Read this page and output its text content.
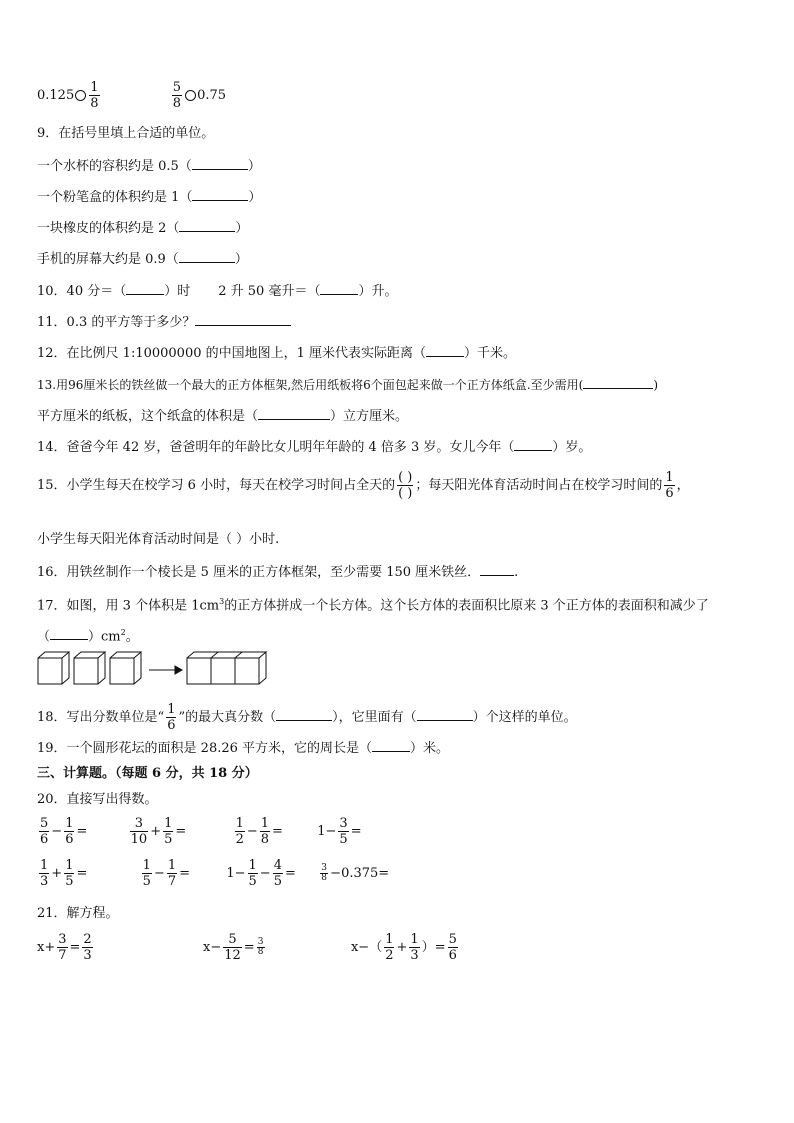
$0.125 \frac{1}{8}$
	$\frac{5}{8} 0.75$
9．在括号里填上合适的单位。
一个水杯的容积约是 0.5（	）
一个粉笔盒的体积约是 1（	）
一块橡皮的体积约是 2（	）
手机的屏幕大约是 0.9（	）
10．40 分＝（	）时 2 升 50 毫升＝（	）升。
11．0.3 的平方等于多少？
12．在比例尺 1:10000000 的中国地图上，1 厘米代表实际距离（	）千米。
13.用96厘米长的铁丝做一个最大的正方体框架,然后用纸板将6个面包起来做一个正方体纸盒.至少需用(	)
平方厘米的纸板，这个纸盒的体积是（	）立方厘米。
14．爸爸今年 42 岁，爸爸明年的年龄比女儿明年年龄的 4 倍多 3 岁。女儿今年（	）岁。
15．小学生每天在校学习 6 小时，每天在校学习时间占全天的 $\frac{( )}{( )}$ ；每天阳光体育活动时间占在校学习时间的 $\frac{1}{6}$ ，
小学生每天阳光体育活动时间是（ ）小时.
16．用铁丝制作一个棱长是 5 厘米的正方体框架，至少需要 150 厘米铁丝．	.
17．如图，用 3 个体积是 $1cm^3$的正方体拼成一个长方体。这个长方体的表面积比原来 3 个正方体的表面积和减少了
（	）$cm^2$。
18．写出分数单位是“ $\frac{1}{6}$ ”的最大真分数（	），它里面有（	）个这样的单位。
19．一个圆形花坛的面积是 28.26 平方米，它的周长是（	）米。
三、计算题。（每题 6 分，共 18 分）
20．直接写出得数。
$\frac{5}{6} - \frac{1}{6}$ =	$\frac{3}{10} + \frac{1}{5}$ =	$\frac{1}{2} - \frac{1}{8}$ =	$1- \frac{3}{5}$ =
$\frac{1}{3} + \frac{1}{5}$ =	$\frac{1}{5} - \frac{1}{7}$ =	$1- \frac{1}{5} - \frac{4}{5}$ =	$\frac{3}{8} -0.375=$
21．解方程。
$x+ \frac{3}{7} = \frac{2}{3}$	$x- \frac{5}{12} = \frac{3}{8}$	$x-( \frac{1}{2} + \frac{1}{3}$ ）= $\frac{5}{6}$
